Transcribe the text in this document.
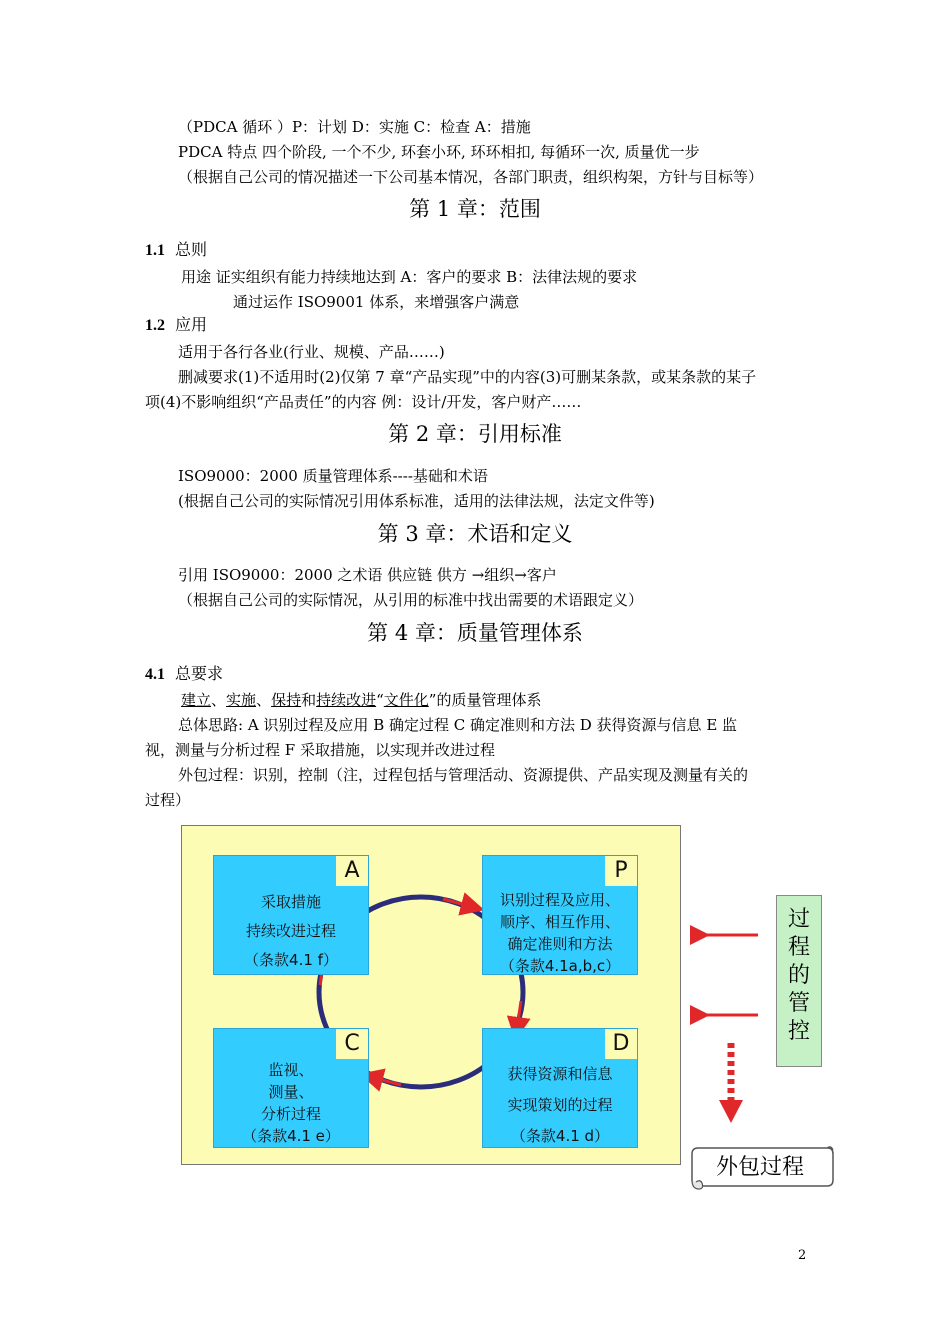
（PDCA 循环 ）P：计划 D：实施 C：检查 A：措施
PDCA 特点 四个阶段, 一个不少, 环套小环, 环环相扣, 每循环一次, 质量优一步
（根据自己公司的情况描述一下公司基本情况，各部门职责，组织构架，方针与目标等）
第 1 章：范围
1.1 总则
用途 证实组织有能力持续地达到 A：客户的要求 B：法律法规的要求
通过运作 ISO9001 体系，来增强客户满意
1.2 应用
适用于各行各业(行业、规模、产品……)
删减要求(1)不适用时(2)仅第 7 章“产品实现”中的内容(3)可删某条款，或某条款的某子
项(4)不影响组织“产品责任”的内容 例：设计/开发，客户财产……
第 2 章：引用标准
ISO9000：2000 质量管理体系----基础和术语
(根据自己公司的实际情况引用体系标准，适用的法律法规，法定文件等)
第 3 章：术语和定义
引用 ISO9000：2000 之术语 供应链 供方 →组织→客户
（根据自己公司的实际情况，从引用的标准中找出需要的术语跟定义）
第 4 章：质量管理体系
4.1 总要求
建立、实施、保持和持续改进“文件化”的质量管理体系
总体思路: A 识别过程及应用 B 确定过程 C 确定准则和方法 D 获得资源与信息 E 监
视，测量与分析过程 F 采取措施，以实现并改进过程
外包过程：识别，控制（注，过程包括与管理活动、资源提供、产品实现及测量有关的
过程）
A
采取措施
持续改进过程
（条款4.1 f）
P
识别过程及应用、
顺序、相互作用、
确定准则和方法
（条款4.1a,b,c）
C
监视、
测量、
分析过程
（条款4.1 e）
D
获得资源和信息
实现策划的过程
（条款4.1 d）
过
程
的
管
控
外包过程
2
